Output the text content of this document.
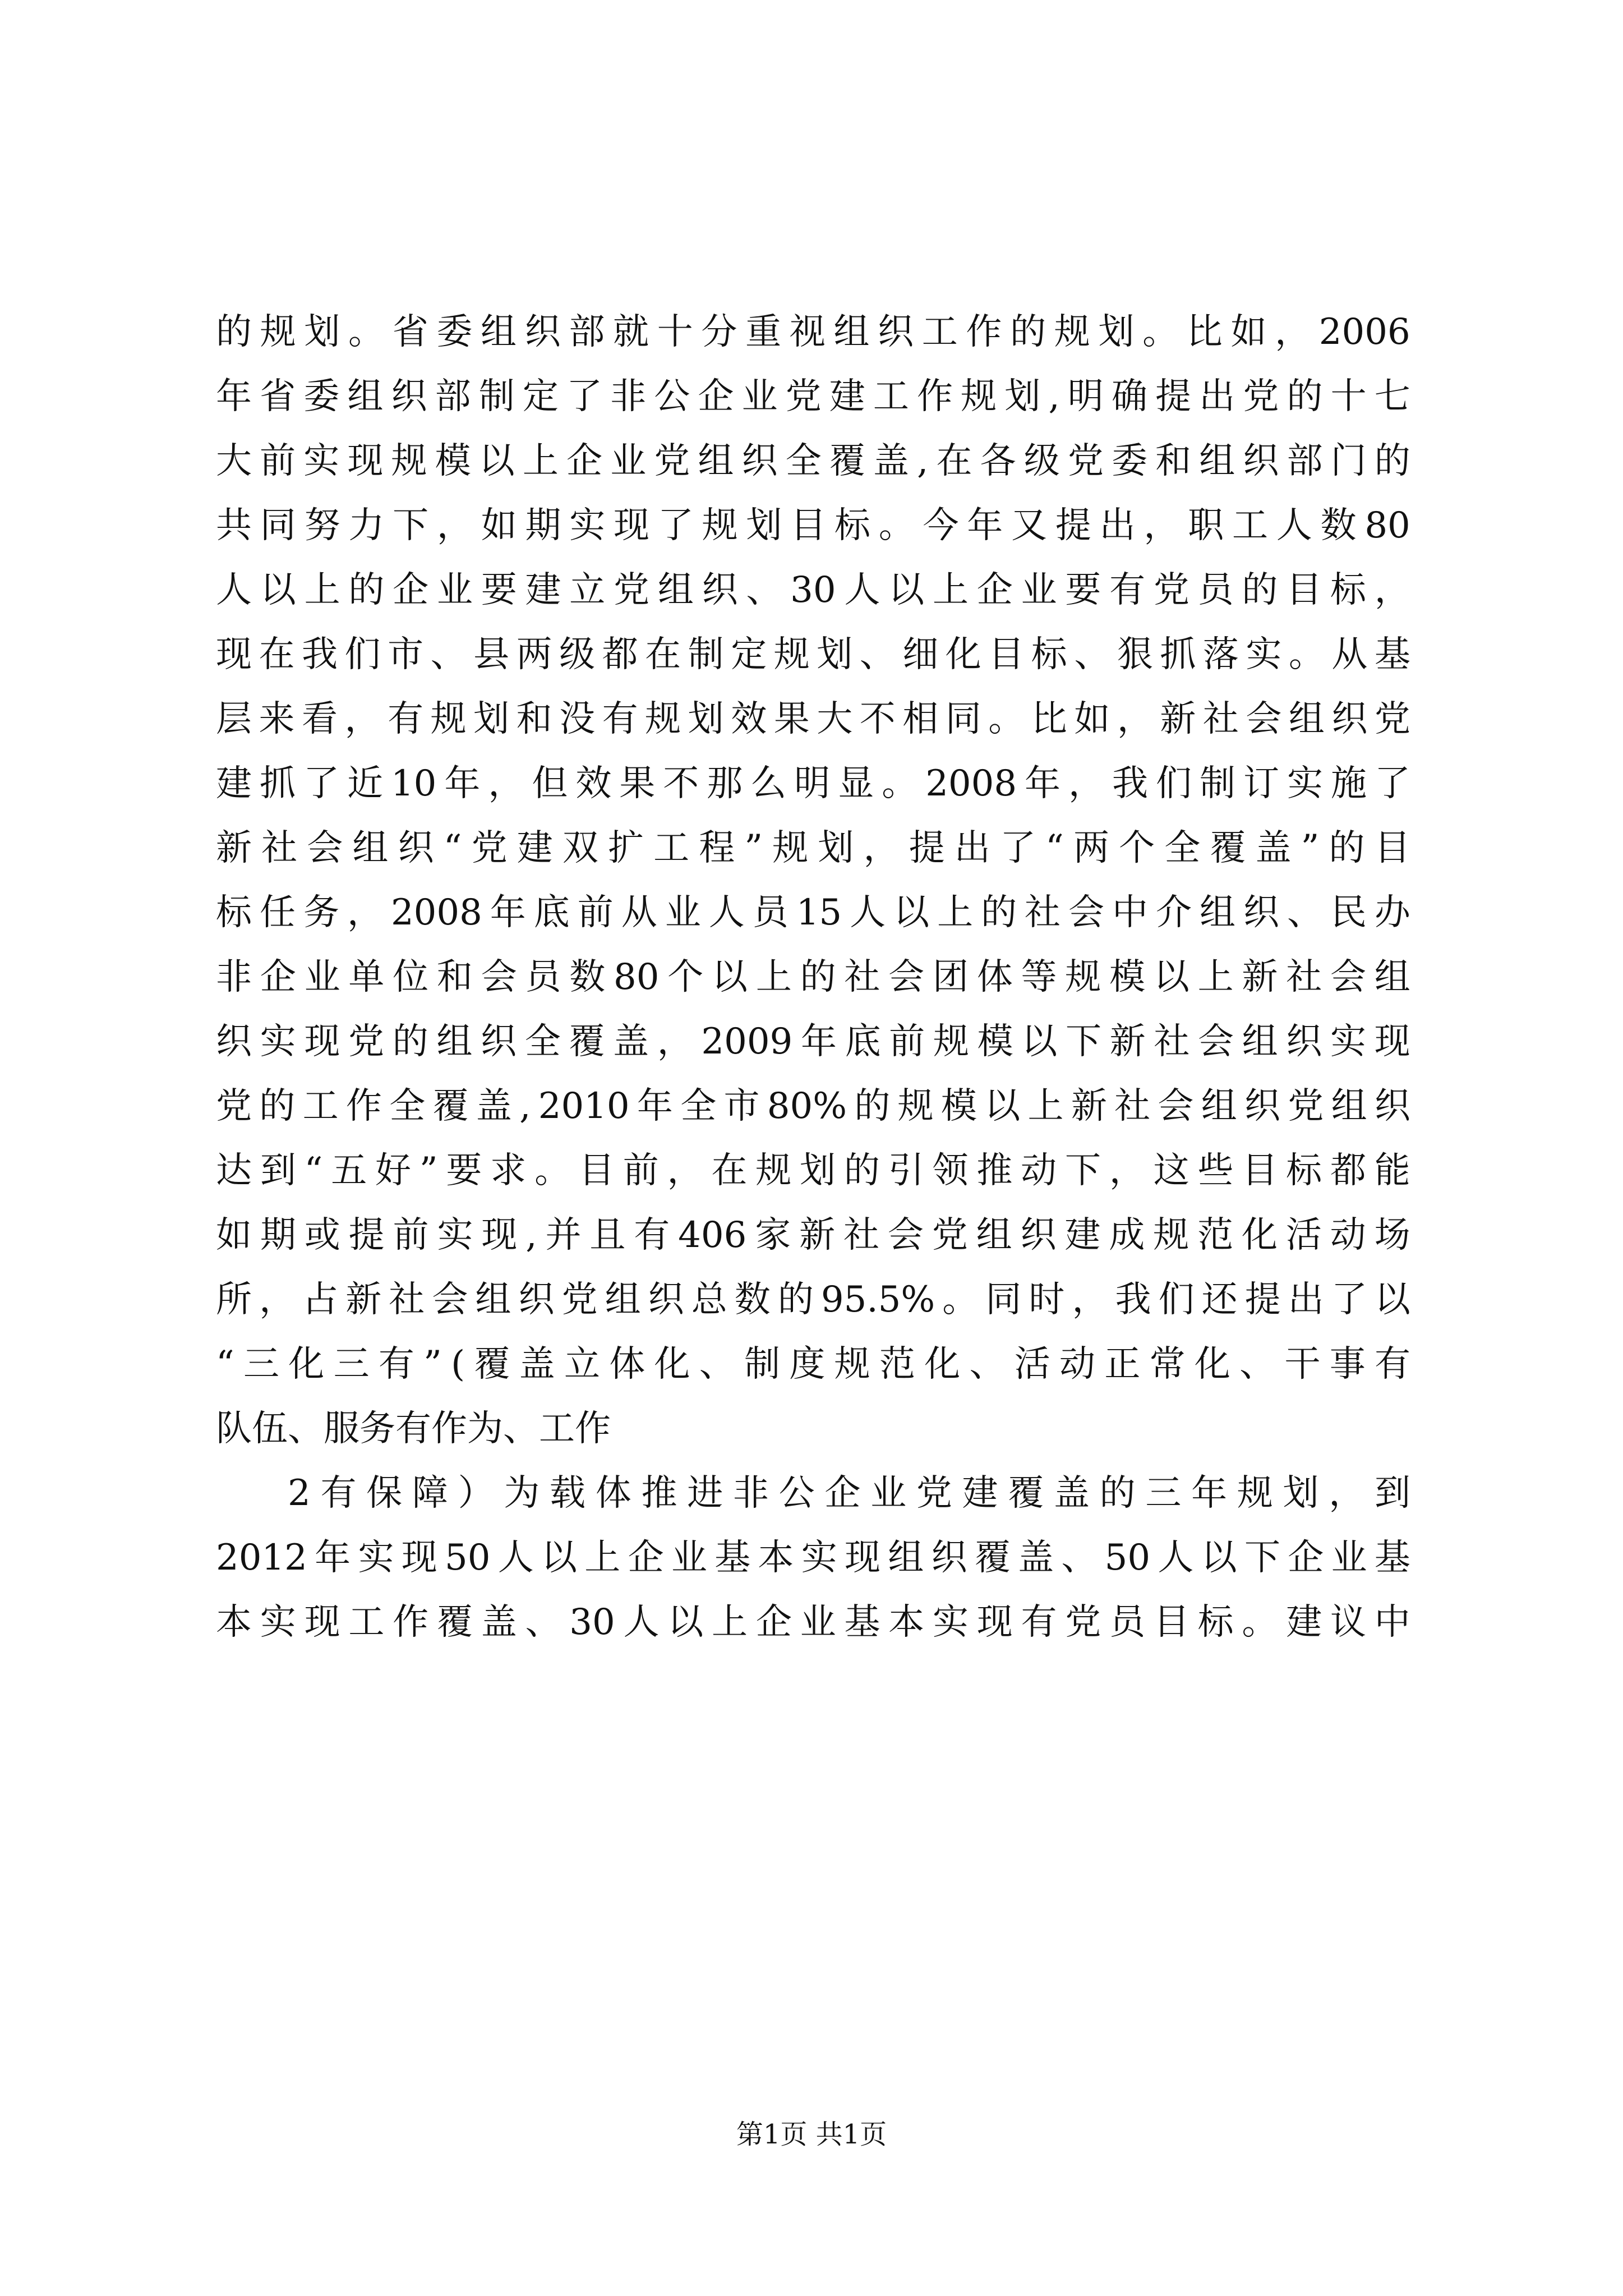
的 规 划 。 省 委 组 织 部 就 十 分 重 视 组 织 工 作 的 规 划 。 比 如 ， 2006
年 省 委 组 织 部 制 定 了 非 公 企 业 党 建 工 作 规 划 , 明 确 提 出 党 的 十 七
大 前 实 现 规 模 以 上 企 业 党 组 织 全 覆 盖 , 在 各 级 党 委 和 组 织 部 门 的
共 同 努 力 下 ， 如 期 实 现 了 规 划 目 标 。 今 年 又 提 出 ， 职 工 人 数 80
人 以 上 的 企 业 要 建 立 党 组 织 、 30 人 以 上 企 业 要 有 党 员 的 目 标 ，
现 在 我 们 市 、 县 两 级 都 在 制 定 规 划 、 细 化 目 标 、 狠 抓 落 实 。 从 基
层 来 看 ， 有 规 划 和 没 有 规 划 效 果 大 不 相 同 。 比 如 ， 新 社 会 组 织 党
建 抓 了 近 10 年 ， 但 效 果 不 那 么 明 显 。 2008 年 ， 我 们 制 订 实 施 了
新 社 会 组 织 “ 党 建 双 扩 工 程 ” 规 划 ， 提 出 了 “ 两 个 全 覆 盖 ” 的 目
标 任 务 ， 2008 年 底 前 从 业 人 员 15 人 以 上 的 社 会 中 介 组 织 、 民 办
非 企 业 单 位 和 会 员 数 80 个 以 上 的 社 会 团 体 等 规 模 以 上 新 社 会 组
织 实 现 党 的 组 织 全 覆 盖 ， 2009 年 底 前 规 模 以 下 新 社 会 组 织 实 现
党 的 工 作 全 覆 盖 , 2010 年 全 市 80% 的 规 模 以 上 新 社 会 组 织 党 组 织
达 到 “ 五 好 ” 要 求 。 目 前 ， 在 规 划 的 引 领 推 动 下 ， 这 些 目 标 都 能
如 期 或 提 前 实 现 , 并 且 有 406 家 新 社 会 党 组 织 建 成 规 范 化 活 动 场
所 ， 占 新 社 会 组 织 党 组 织 总 数 的 95.5% 。 同 时 ， 我 们 还 提 出 了 以
“ 三 化 三 有 ” ( 覆 盖 立 体 化 、 制 度 规 范 化 、 活 动 正 常 化 、 干 事 有
队伍、服务有作为、工作
2 有 保 障 ） 为 载 体 推 进 非 公 企 业 党 建 覆 盖 的 三 年 规 划 ， 到
2012 年 实 现 50 人 以 上 企 业 基 本 实 现 组 织 覆 盖 、 50 人 以 下 企 业 基
本 实 现 工 作 覆 盖 、 30 人 以 上 企 业 基 本 实 现 有 党 员 目 标 。 建 议 中
第1页 共1页
